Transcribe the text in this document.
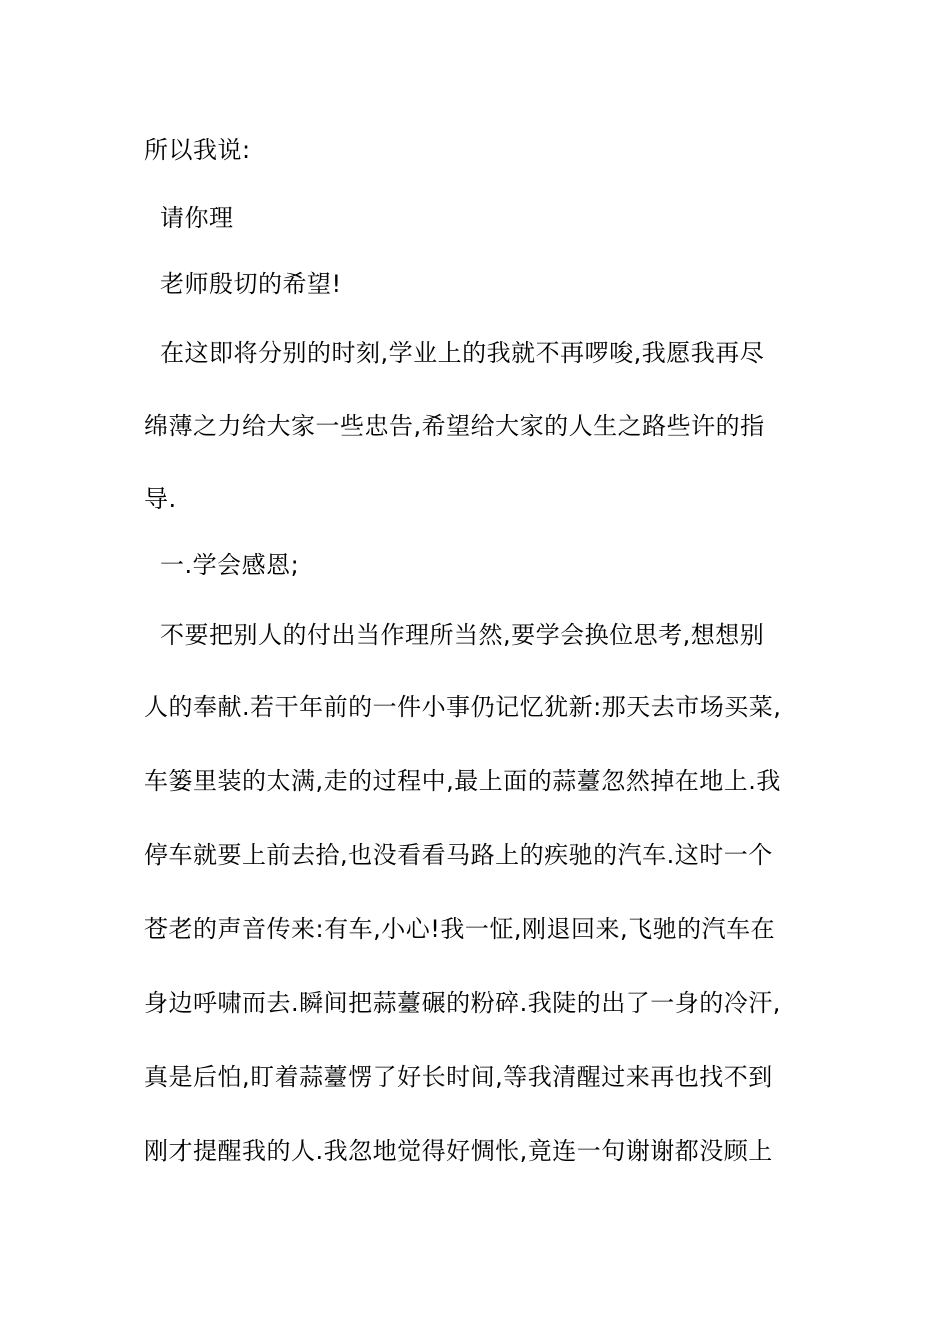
所以我说:
请你理
老师殷切的希望!
在这即将分别的时刻,学业上的我就不再啰唆,我愿我再尽
绵薄之力给大家一些忠告,希望给大家的人生之路些许的指
导.
一.学会感恩;
不要把别人的付出当作理所当然,要学会换位思考,想想别
人的奉献.若干年前的一件小事仍记忆犹新:那天去市场买菜,
车篓里装的太满,走的过程中,最上面的蒜薹忽然掉在地上.我
停车就要上前去拾,也没看看马路上的疾驰的汽车.这时一个
苍老的声音传来:有车,小心!我一怔,刚退回来,飞驰的汽车在
身边呼啸而去.瞬间把蒜薹碾的粉碎.我陡的出了一身的冷汗,
真是后怕,盯着蒜薹愣了好长时间,等我清醒过来再也找不到
刚才提醒我的人.我忽地觉得好惆怅,竟连一句谢谢都没顾上
